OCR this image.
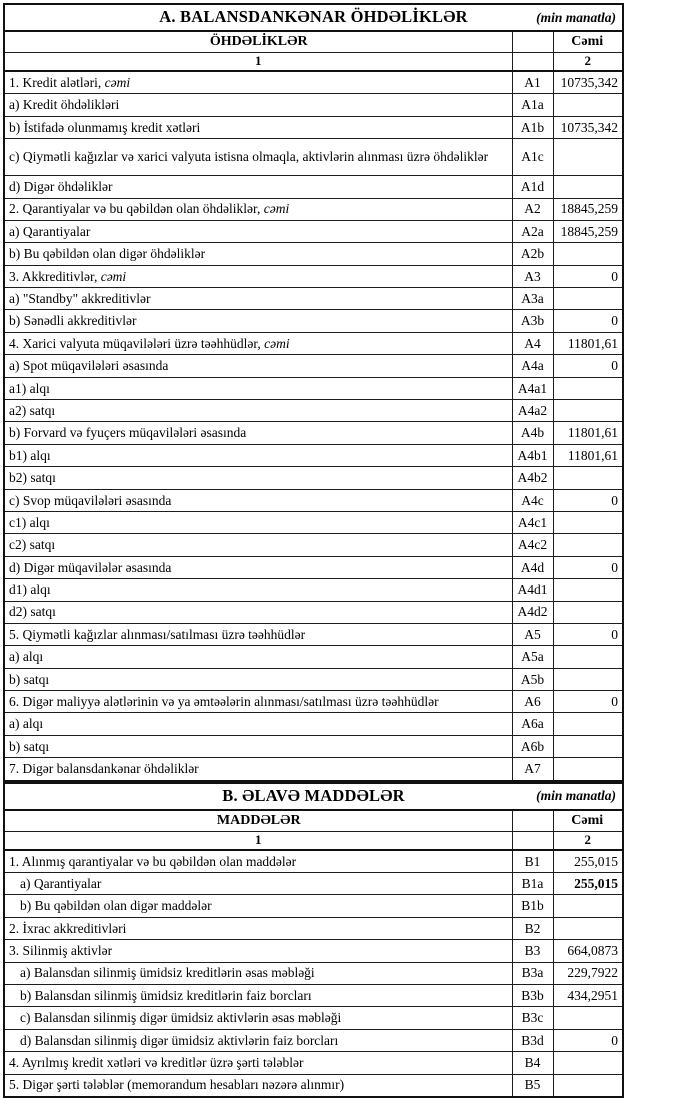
A. BALANSDANKƏNAR ÖHDƏLİKLƏR (min manatla)		

ÖHDƏLİKLƏR		Cəmi
1		2
1. Kredit alətləri, cəmi	A1	10735,342
a) Kredit öhdəlikləri	A1a	
b) İstifadə olunmamış kredit xətləri	A1b	10735,342
c) Qiymətli kağızlar və xarici valyuta istisna olmaqla, aktivlərin alınması üzrə öhdəliklər	A1c	
d) Digər öhdəliklər	A1d	
2. Qarantiyalar və bu qəbildən olan öhdəliklər, cəmi	A2	18845,259
a) Qarantiyalar	A2a	18845,259
b) Bu qəbildən olan digər öhdəliklər	A2b	
3. Akkreditivlər, cəmi	A3	0
a) "Standby" akkreditivlər	A3a	
b) Sənədli akkreditivlər	A3b	0
4. Xarici valyuta müqavilələri üzrə təəhhüdlər, cəmi	A4	11801,61
a) Spot müqavilələri əsasında	A4a	0
a1) alqı	A4a1	
a2) satqı	A4a2	
b) Forvard və fyuçers müqavilələri əsasında	A4b	11801,61
b1) alqı	A4b1	11801,61
b2) satqı	A4b2	
c) Svop müqavilələri əsasında	A4c	0
c1) alqı	A4c1	
c2) satqı	A4c2	
d) Digər müqavilələr əsasında	A4d	0
d1) alqı	A4d1	
d2) satqı	A4d2	
5. Qiymətli kağızlar alınması/satılması üzrə təəhhüdlər	A5	0
a) alqı	A5a	
b) satqı	A5b	
6. Digər maliyyə alətlərinin və ya əmtəələrin alınması/satılması üzrə təəhhüdlər	A6	0
a) alqı	A6a	
b) satqı	A6b	
7. Digər balansdankənar öhdəliklər	A7	
B. ƏLAVƏ MADDƏLƏR (min manatla)		

MADDƏLƏR		Cəmi
1		2
1. Alınmış qarantiyalar və bu qəbildən olan maddələr	B1	255,015
a) Qarantiyalar	B1a	255,015
b) Bu qəbildən olan digər maddələr	B1b	
2. İxrac akkreditivləri	B2	
3. Silinmiş aktivlər	B3	664,0873
a) Balansdan silinmiş ümidsiz kreditlərin əsas məbləği	B3a	229,7922
b) Balansdan silinmiş ümidsiz kreditlərin faiz borcları	B3b	434,2951
c) Balansdan silinmiş digər ümidsiz aktivlərin əsas məbləği	B3c	
d) Balansdan silinmiş digər ümidsiz aktivlərin faiz borcları	B3d	0
4. Ayrılmış kredit xətləri və kreditlər üzrə şərti tələblər	B4	
5. Digər şərti tələblər (memorandum hesabları nəzərə alınmır)	B5	
